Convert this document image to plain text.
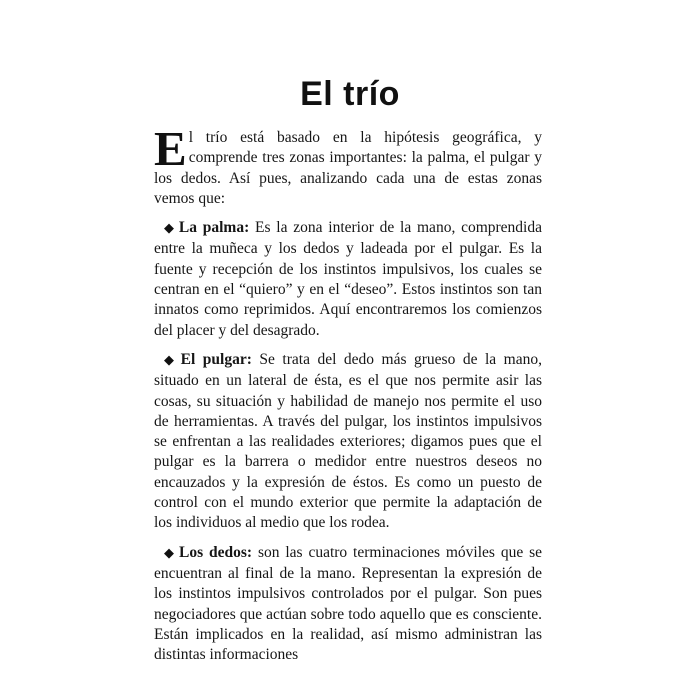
El trío

El trío está basado en la hipótesis geográfica, y comprende tres zonas importantes: la palma, el pulgar y los dedos. Así pues, analizando cada una de estas zonas vemos que:

◆ La palma: Es la zona interior de la mano, comprendida entre la muñeca y los dedos y ladeada por el pulgar. Es la fuente y recepción de los instintos impulsivos, los cuales se centran en el “quiero” y en el “deseo”. Estos instintos son tan innatos como reprimidos. Aquí encontraremos los comienzos del placer y del desagrado.

◆ El pulgar: Se trata del dedo más grueso de la mano, situado en un lateral de ésta, es el que nos permite asir las cosas, su situación y habilidad de manejo nos permite el uso de herramientas. A través del pulgar, los instintos impulsivos se enfrentan a las realidades exteriores; digamos pues que el pulgar es la barrera o medidor entre nuestros deseos no encauzados y la expresión de éstos. Es como un puesto de control con el mundo exterior que permite la adaptación de los individuos al medio que los rodea.

◆ Los dedos: son las cuatro terminaciones móviles que se encuentran al final de la mano. Representan la expresión de los instintos impulsivos controlados por el pulgar. Son pues negociadores que actúan sobre todo aquello que es consciente. Están implicados en la realidad, así mismo administran las distintas informaciones
